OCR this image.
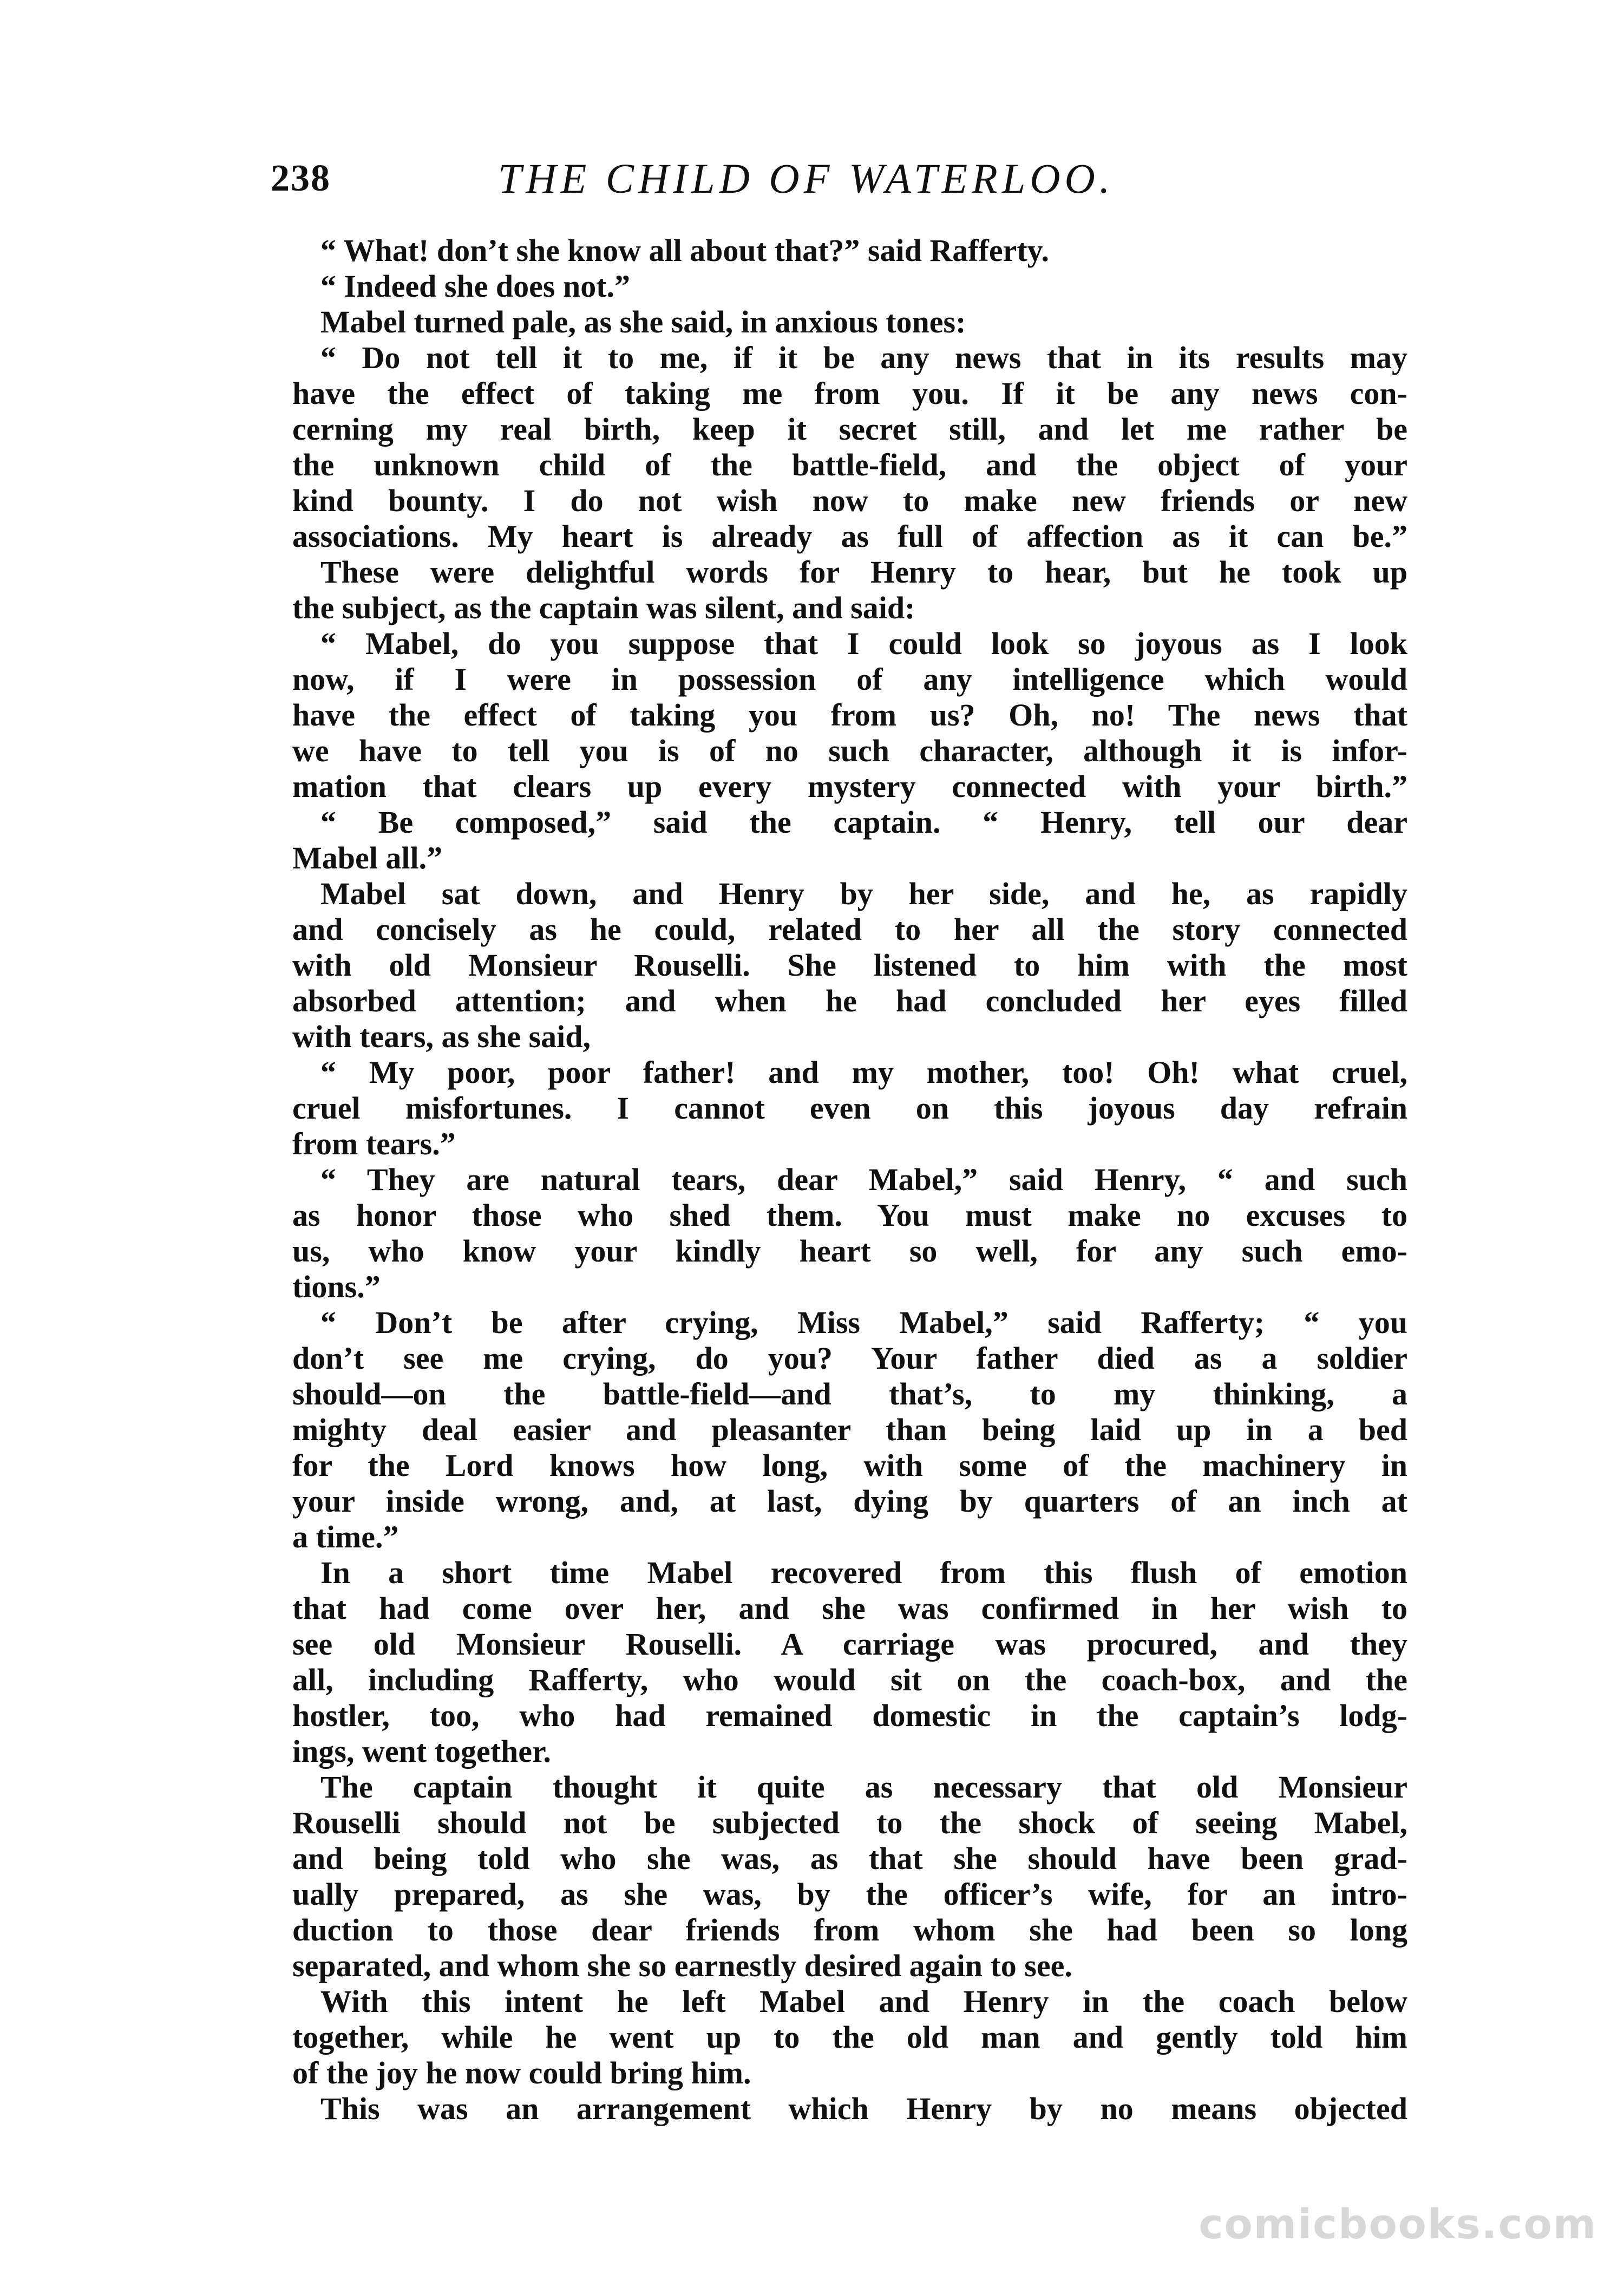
238	THE CHILD OF WATERLOO.
“ What! don’t she know all about that?” said Rafferty.
“ Indeed she does not.”
Mabel turned pale, as she said, in anxious tones:
“ Do not tell it to me, if it be any news that in its results may
have the effect of taking me from you. If it be any news con-
cerning my real birth, keep it secret still, and let me rather be
the unknown child of the battle-field, and the object of your
kind bounty. I do not wish now to make new friends or new
associations. My heart is already as full of affection as it can be.”
These were delightful words for Henry to hear, but he took up
the subject, as the captain was silent, and said:
“ Mabel, do you suppose that I could look so joyous as I look
now, if I were in possession of any intelligence which would
have the effect of taking you from us? Oh, no! The news that
we have to tell you is of no such character, although it is infor-
mation that clears up every mystery connected with your birth.”
“ Be composed,” said the captain. “ Henry, tell our dear
Mabel all.”
Mabel sat down, and Henry by her side, and he, as rapidly
and concisely as he could, related to her all the story connected
with old Monsieur Rouselli. She listened to him with the most
absorbed attention; and when he had concluded her eyes filled
with tears, as she said,
“ My poor, poor father! and my mother, too! Oh! what cruel,
cruel misfortunes. I cannot even on this joyous day refrain
from tears.”
“ They are natural tears, dear Mabel,” said Henry, “ and such
as honor those who shed them. You must make no excuses to
us, who know your kindly heart so well, for any such emo-
tions.”
“ Don’t be after crying, Miss Mabel,” said Rafferty; “ you
don’t see me crying, do you? Your father died as a soldier
should—on the battle-field—and that’s, to my thinking, a
mighty deal easier and pleasanter than being laid up in a bed
for the Lord knows how long, with some of the machinery in
your inside wrong, and, at last, dying by quarters of an inch at
a time.”
In a short time Mabel recovered from this flush of emotion
that had come over her, and she was confirmed in her wish to
see old Monsieur Rouselli. A carriage was procured, and they
all, including Rafferty, who would sit on the coach-box, and the
hostler, too, who had remained domestic in the captain’s lodg-
ings, went together.
The captain thought it quite as necessary that old Monsieur
Rouselli should not be subjected to the shock of seeing Mabel,
and being told who she was, as that she should have been grad-
ually prepared, as she was, by the officer’s wife, for an intro-
duction to those dear friends from whom she had been so long
separated, and whom she so earnestly desired again to see.
With this intent he left Mabel and Henry in the coach below
together, while he went up to the old man and gently told him
of the joy he now could bring him.
This was an arrangement which Henry by no means objected
comicbooks.com
